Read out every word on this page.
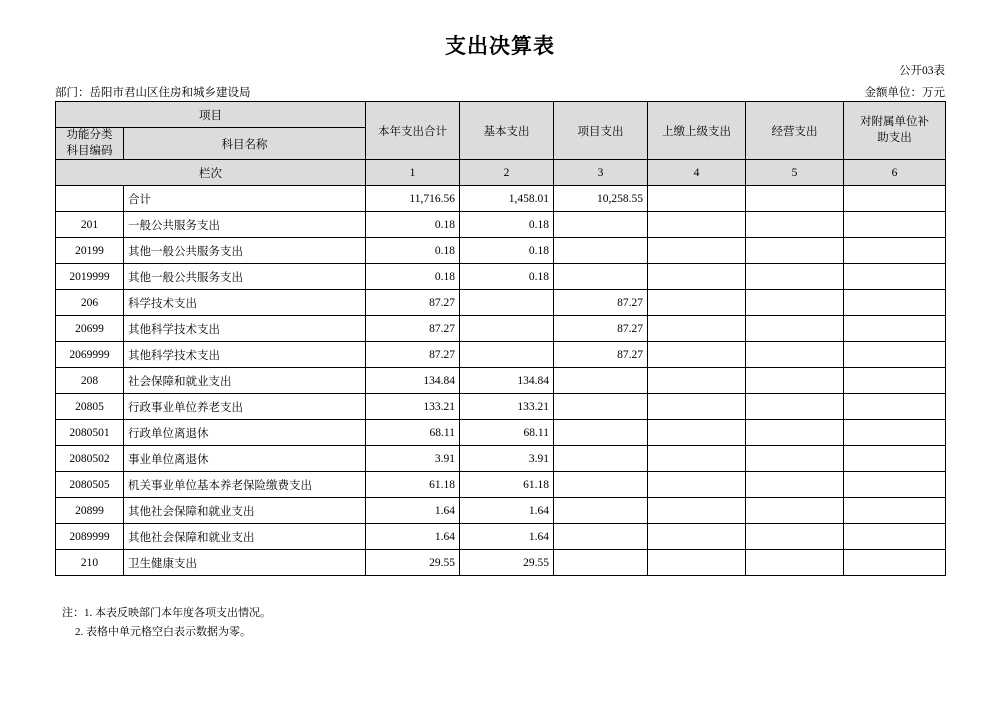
支出决算表
公开03表
部门：岳阳市君山区住房和城乡建设局	金额单位：万元
项目		本年支出合计	基本支出	项目支出	上缴上级支出	经营支出	对附属单位补
助支出

功能分类
科目编码	科目名称						
栏次		1	2	3	4	5	6
	合计	11,716.56	1,458.01	10,258.55			
201	一般公共服务支出	0.18	0.18				
20199	其他一般公共服务支出	0.18	0.18				
2019999	其他一般公共服务支出	0.18	0.18				
206	科学技术支出	87.27		87.27			
20699	其他科学技术支出	87.27		87.27			
2069999	其他科学技术支出	87.27		87.27			
208	社会保障和就业支出	134.84	134.84				
20805	行政事业单位养老支出	133.21	133.21				
2080501	行政单位离退休	68.11	68.11				
2080502	事业单位离退休	3.91	3.91				
2080505	机关事业单位基本养老保险缴费支出	61.18	61.18				
20899	其他社会保障和就业支出	1.64	1.64				
2089999	其他社会保障和就业支出	1.64	1.64				
210	卫生健康支出	29.55	29.55				
注：1. 本表反映部门本年度各项支出情况。
2. 表格中单元格空白表示数据为零。
